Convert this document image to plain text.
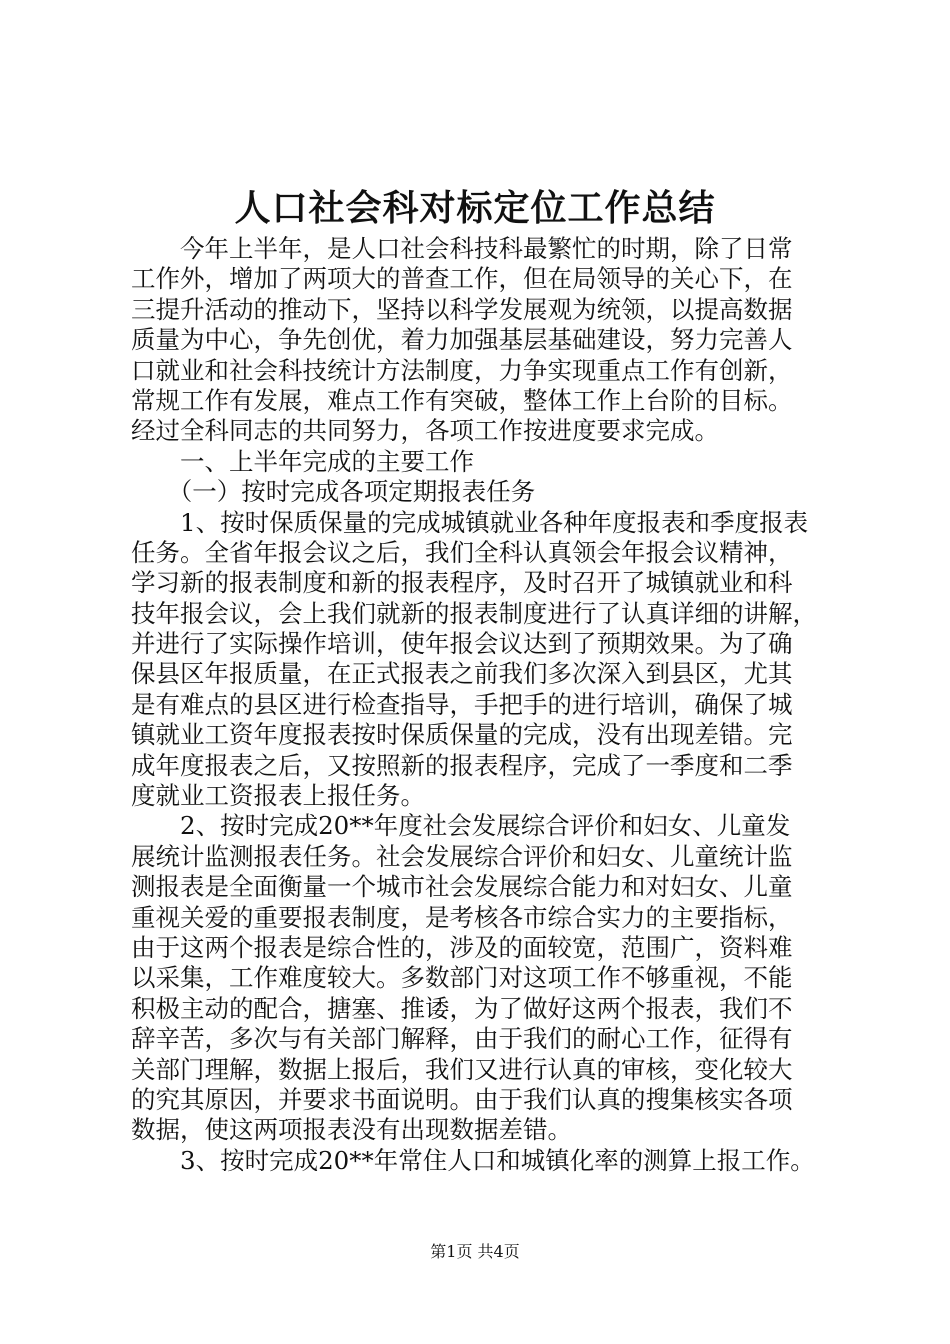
人口社会科对标定位工作总结
　　今年上半年，是人口社会科技科最繁忙的时期，除了日常
工作外，增加了两项大的普查工作，但在局领导的关心下，在
三提升活动的推动下，坚持以科学发展观为统领，以提高数据
质量为中心，争先创优，着力加强基层基础建设，努力完善人
口就业和社会科技统计方法制度，力争实现重点工作有创新，
常规工作有发展，难点工作有突破，整体工作上台阶的目标。
经过全科同志的共同努力，各项工作按进度要求完成。
　　一、上半年完成的主要工作
　　（一）按时完成各项定期报表任务
　　1、按时保质保量的完成城镇就业各种年度报表和季度报表
任务。全省年报会议之后，我们全科认真领会年报会议精神，
学习新的报表制度和新的报表程序，及时召开了城镇就业和科
技年报会议，会上我们就新的报表制度进行了认真详细的讲解，
并进行了实际操作培训，使年报会议达到了预期效果。为了确
保县区年报质量，在正式报表之前我们多次深入到县区，尤其
是有难点的县区进行检查指导，手把手的进行培训，确保了城
镇就业工资年度报表按时保质保量的完成，没有出现差错。完
成年度报表之后，又按照新的报表程序，完成了一季度和二季
度就业工资报表上报任务。
　　2、按时完成20**年度社会发展综合评价和妇女、儿童发
展统计监测报表任务。社会发展综合评价和妇女、儿童统计监
测报表是全面衡量一个城市社会发展综合能力和对妇女、儿童
重视关爱的重要报表制度，是考核各市综合实力的主要指标，
由于这两个报表是综合性的，涉及的面较宽，范围广，资料难
以采集，工作难度较大。多数部门对这项工作不够重视，不能
积极主动的配合，搪塞、推诿，为了做好这两个报表，我们不
辞辛苦，多次与有关部门解释，由于我们的耐心工作，征得有
关部门理解，数据上报后，我们又进行认真的审核，变化较大
的究其原因，并要求书面说明。由于我们认真的搜集核实各项
数据，使这两项报表没有出现数据差错。
　　3、按时完成20**年常住人口和城镇化率的测算上报工作。
第1页 共4页
